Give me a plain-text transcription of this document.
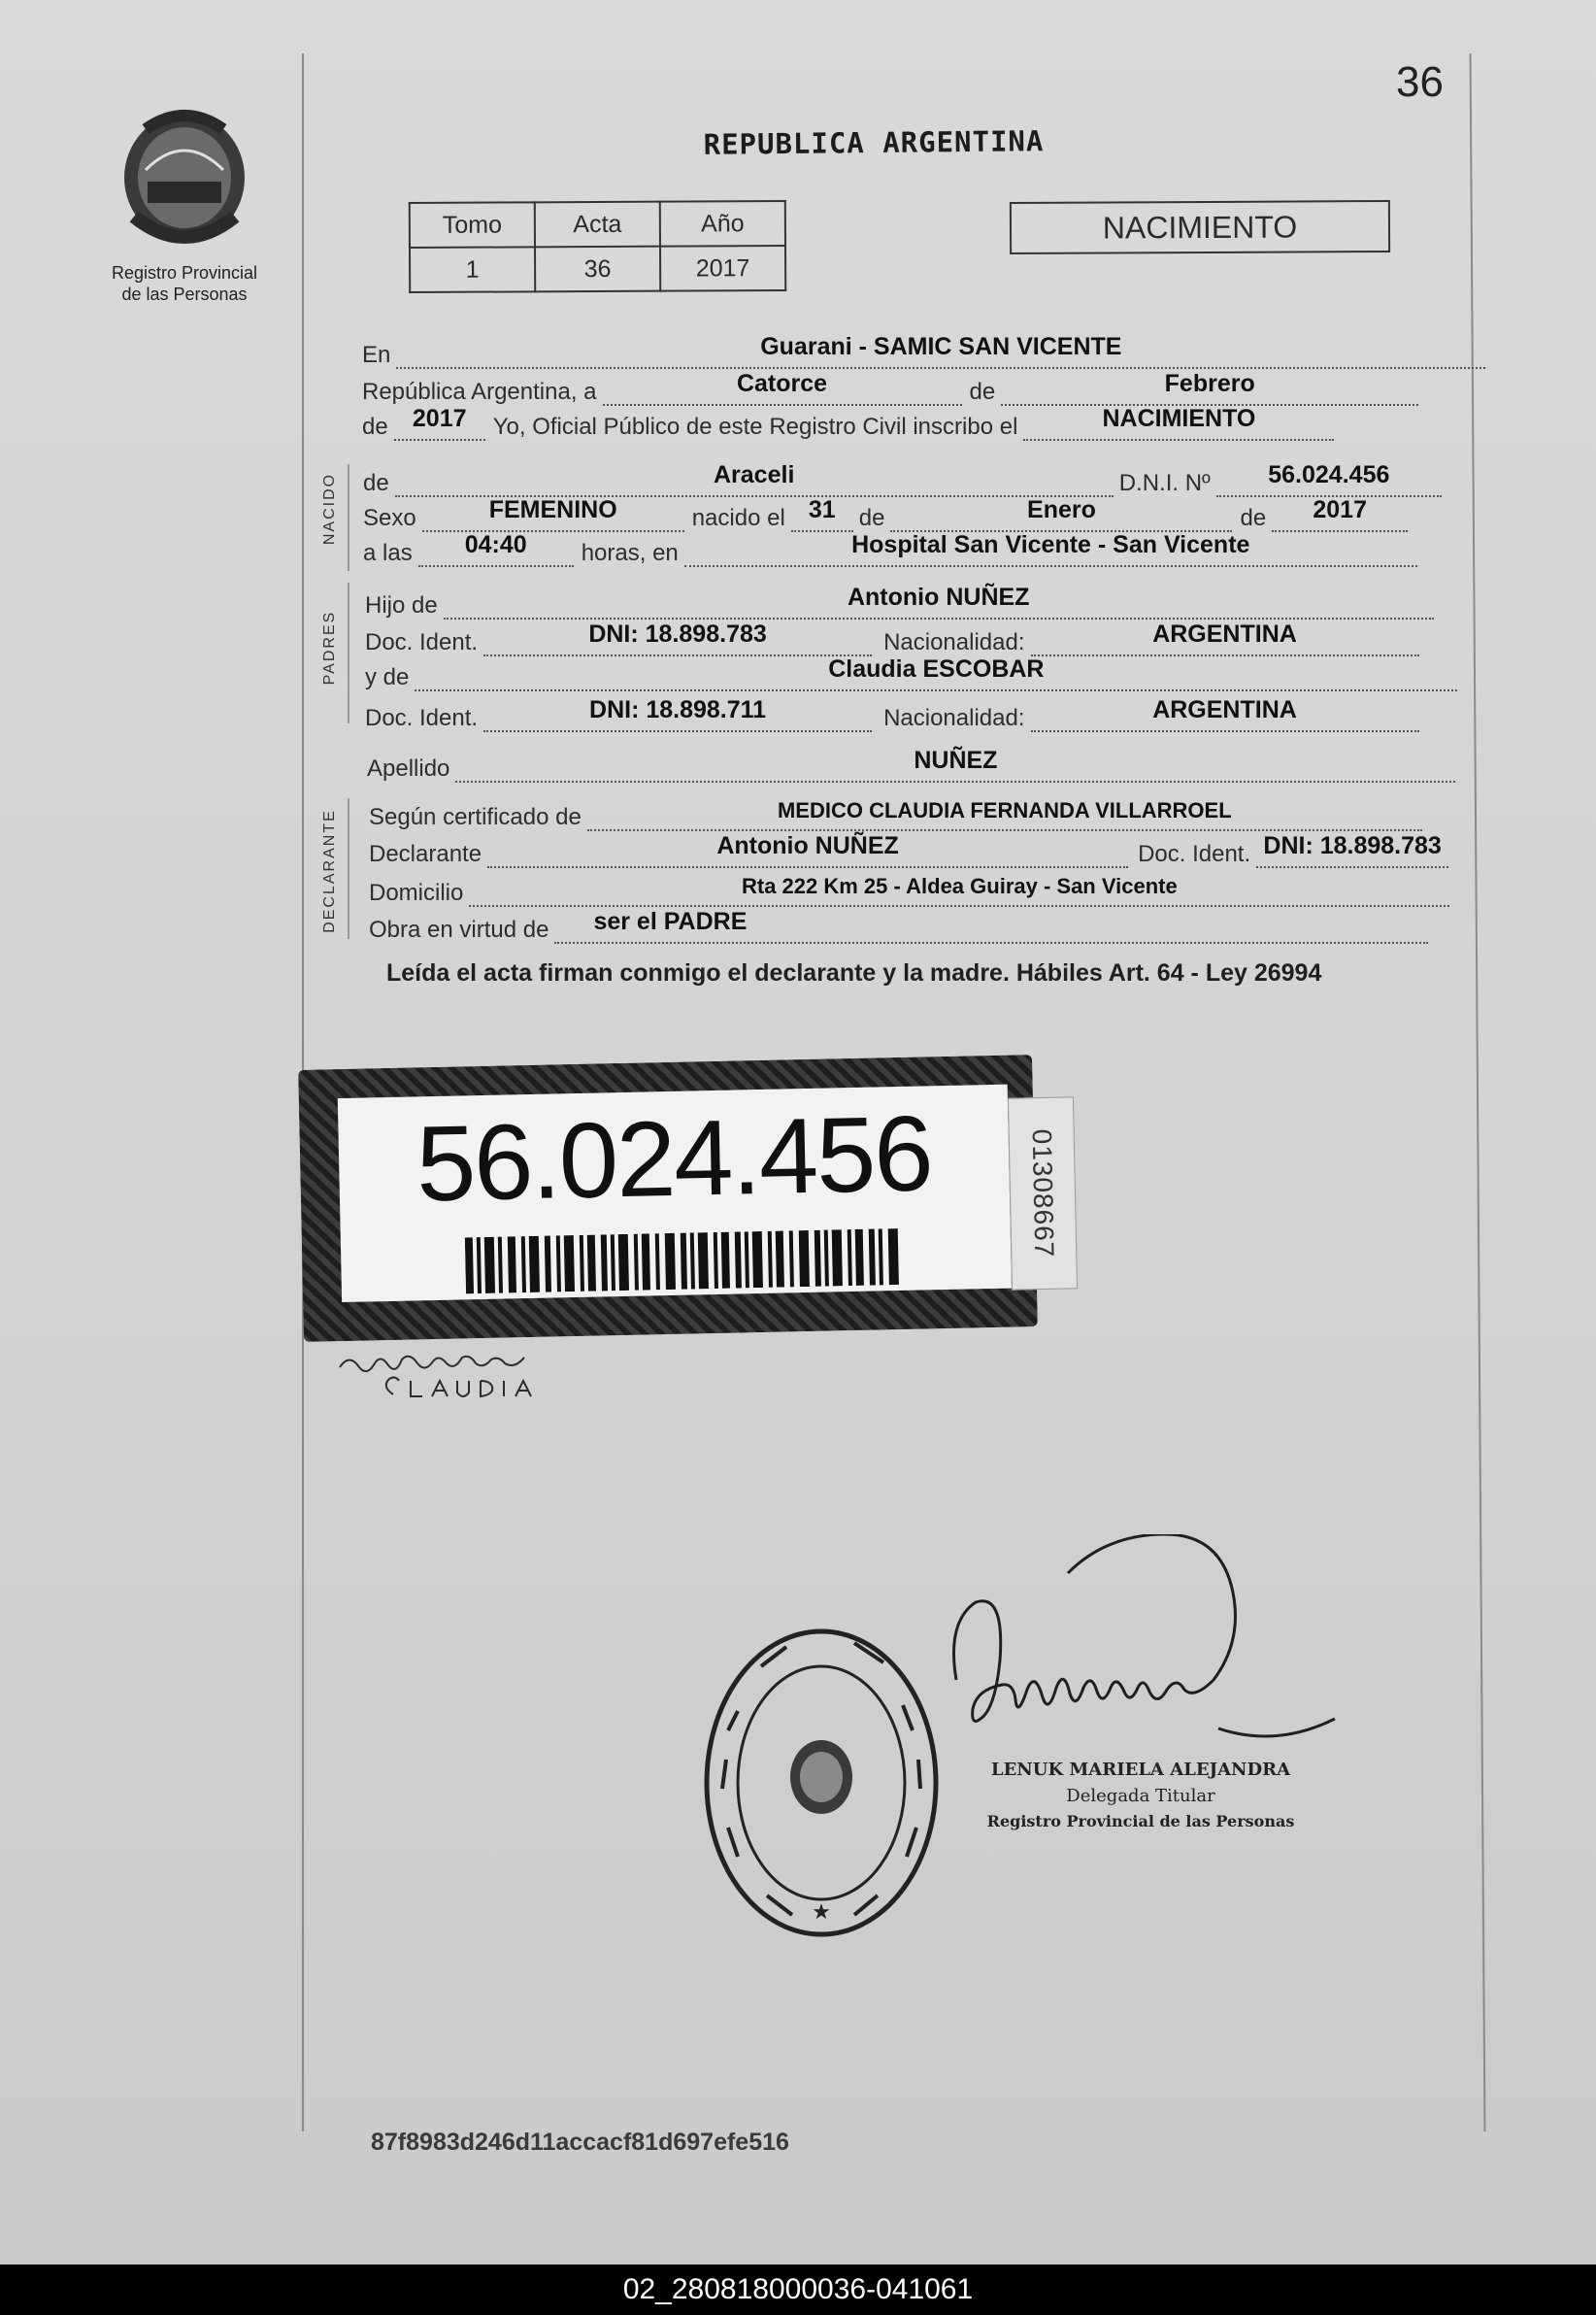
Registro Provincial
de las Personas
36
REPUBLICA ARGENTINA
Tomo	Acta	Año
1	36	2017
NACIMIENTO
En	Guarani - SAMIC SAN VICENTE
República Argentina, a	Catorce	de	Febrero
de 2017	Yo, Oficial Público de este Registro Civil inscribo el	NACIMIENTO
NACIDO de	Araceli	D.N.I. Nº 56.024.456
Sexo	FEMENINO	nacido el 31 de	Enero	de 2017
a las 04:40	horas, en	Hospital San Vicente - San Vicente
PADRES
Hijo de	Antonio NUÑEZ
Doc. Ident.	DNI: 18.898.783	Nacionalidad:	ARGENTINA
y de	Claudia ESCOBAR
Doc. Ident.	DNI: 18.898.711	Nacionalidad:	ARGENTINA
Apellido	NUÑEZ
DECLARANTE Según certificado de	MEDICO CLAUDIA FERNANDA VILLARROEL
Declarante	Antonio NUÑEZ	Doc. Ident. DNI: 18.898.783
Domicilio	Rta 222 Km 25 - Aldea Guiray - San Vicente
Obra en virtud de	ser el PADRE
Leída el acta firman conmigo el declarante y la madre. Hábiles Art. 64 - Ley 26994
56.024.456	01308667
★
LENUK MARIELA ALEJANDRA
Delegada Titular
Registro Provincial de las Personas
87f8983d246d11accacf81d697efe516
02_280818000036-041061
